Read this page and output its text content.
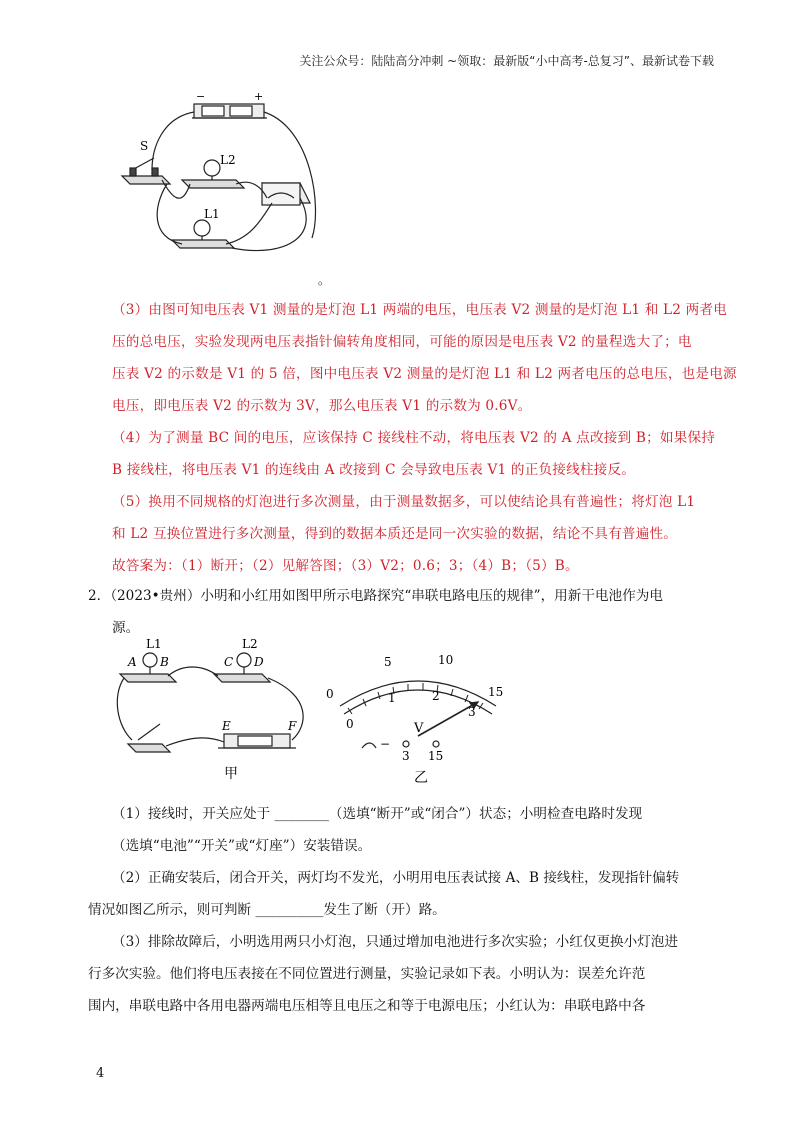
关注公众号：陆陆高分冲刺 ~领取：最新版“小中高考-总复习”、最新试卷下载
S
L2
L1
−	+
。
（3）由图可知电压表 V1 测量的是灯泡 L1 两端的电压，电压表 V2 测量的是灯泡 L1 和 L2 两者电
压的总电压，实验发现两电压表指针偏转角度相同，可能的原因是电压表 V2 的量程选大了；电
压表 V2 的示数是 V1 的 5 倍，图中电压表 V2 测量的是灯泡 L1 和 L2 两者电压的总电压，也是电源
电压，即电压表 V2 的示数为 3V，那么电压表 V1 的示数为 0.6V。
（4）为了测量 BC 间的电压，应该保持 C 接线柱不动，将电压表 V2 的 A 点改接到 B；如果保持
B 接线柱，将电压表 V1 的连线由 A 改接到 C 会导致电压表 V1 的正负接线柱接反。
（5）换用不同规格的灯泡进行多次测量，由于测量数据多，可以使结论具有普遍性；将灯泡 L1
和 L2 互换位置进行多次测量，得到的数据本质还是同一次实验的数据，结论不具有普遍性。
故答案为：（1）断开；（2）见解答图；（3）V2；0.6；3；（4）B；（5）B。
2．（2023•贵州）小明和小红用如图甲所示电路探究“串联电路电压的规律”，用新干电池作为电
源。
A
L1
B	C
L2
D
E	F
甲
0
5	10
15
0
1	2
3
V
−
3 15
乙
（1）接线时，开关应处于 ________（选填“断开”或“闭合”）状态；小明检查电路时发现
（选填“电池”“开关”或“灯座”）安装错误。
（2）正确安装后，闭合开关，两灯均不发光，小明用电压表试接 A、B 接线柱，发现指针偏转
情况如图乙所示，则可判断 __________发生了断（开）路。
（3）排除故障后，小明选用两只小灯泡，只通过增加电池进行多次实验；小红仅更换小灯泡进
行多次实验。他们将电压表接在不同位置进行测量，实验记录如下表。小明认为：误差允许范
围内，串联电路中各用电器两端电压相等且电压之和等于电源电压；小红认为：串联电路中各
4
